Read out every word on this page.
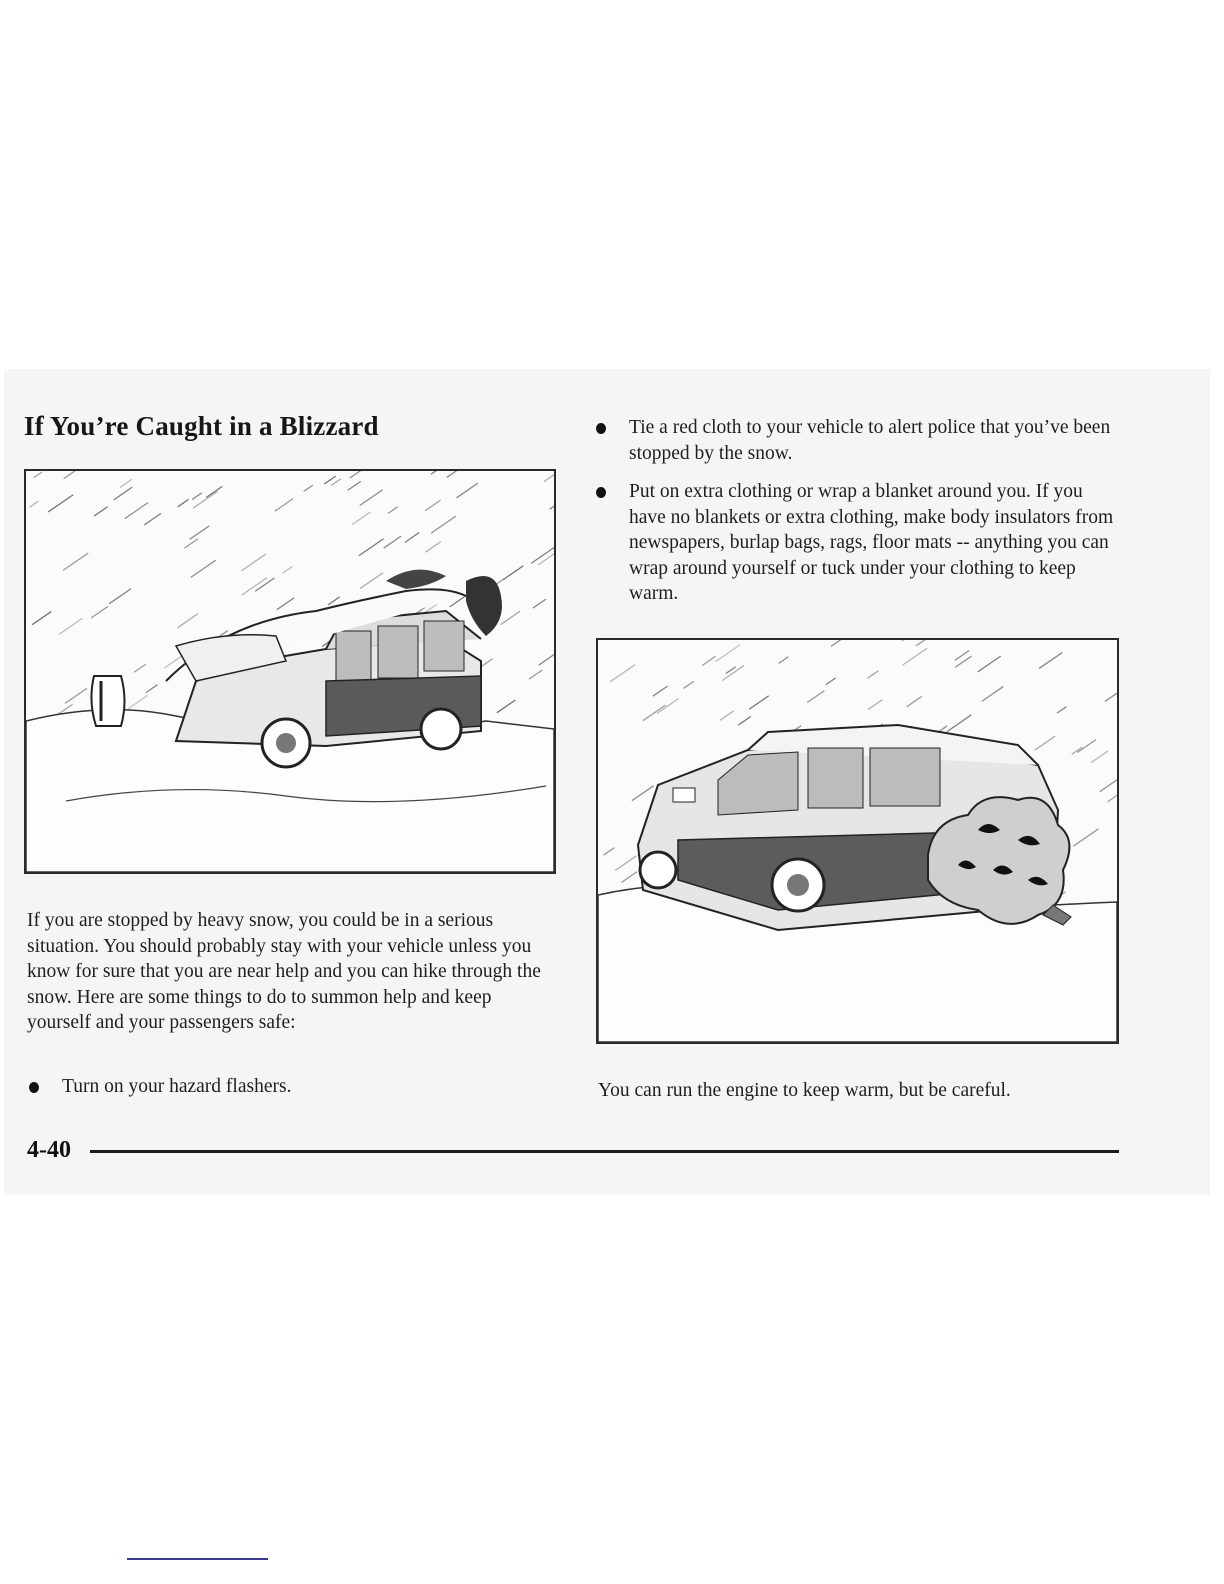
If You’re Caught in a Blizzard

If you are stopped by heavy snow, you could be in a serious situation. You should probably stay with your vehicle unless you know for sure that you are near help and you can hike through the snow. Here are some things to do to summon help and keep yourself and your passengers safe:

Turn on your hazard flashers.
Tie a red cloth to your vehicle to alert police that you’ve been stopped by the snow.
Put on extra clothing or wrap a blanket around you. If you have no blankets or extra clothing, make body insulators from newspapers, burlap bags, rags, floor mats -- anything you can wrap around yourself or tuck under your clothing to keep warm.

You can run the engine to keep warm, but be careful.

4-40
